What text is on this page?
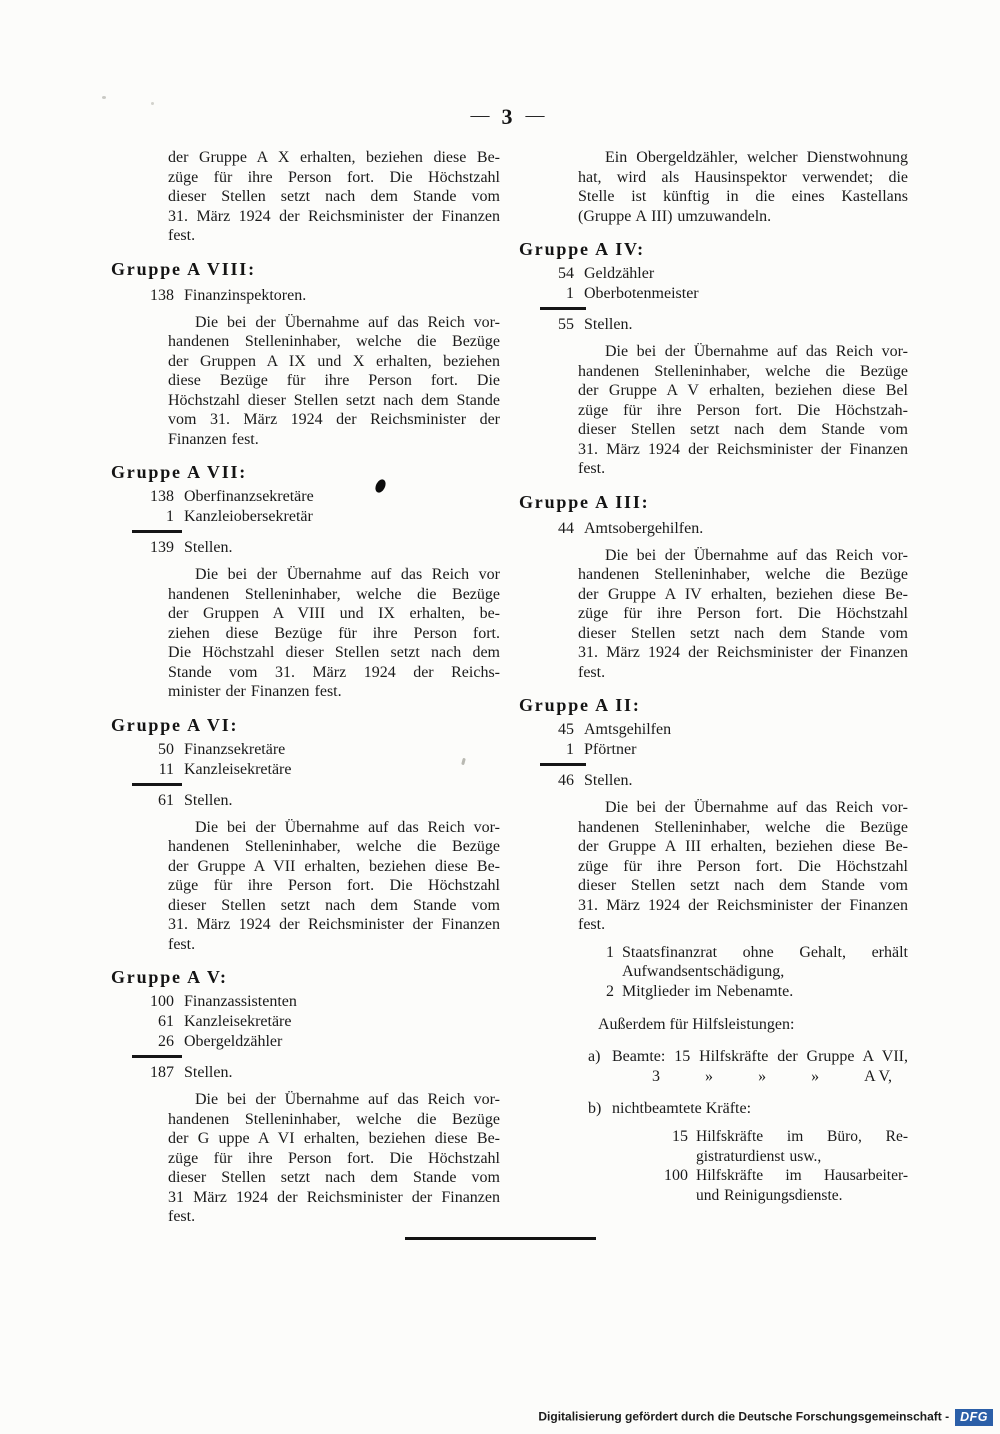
— 3 —
der Gruppe A X erhalten, beziehen diese Be-
züge für ihre Person fort. Die Höchstzahl
dieser Stellen setzt nach dem Stande vom
31. März 1924 der Reichsminister der Finanzen
fest.
Gruppe A VIII:
138 Finanzinspektoren.
Die bei der Übernahme auf das Reich vor-
handenen Stelleninhaber, welche die Bezüge
der Gruppen A IX und X erhalten, beziehen
diese Bezüge für ihre Person fort. Die
Höchstzahl dieser Stellen setzt nach dem Stande
vom 31. März 1924 der Reichsminister der
Finanzen fest.
Gruppe A VII:
138 Oberfinanzsekretäre
1 Kanzleiobersekretär
139 Stellen.
Die bei der Übernahme auf das Reich vor
handenen Stelleninhaber, welche die Bezüge
der Gruppen A VIII und IX erhalten, be-
ziehen diese Bezüge für ihre Person fort.
Die Höchstzahl dieser Stellen setzt nach dem
Stande vom 31. März 1924 der Reichs-
minister der Finanzen fest.
Gruppe A VI:
50 Finanzsekretäre
11 Kanzleisekretäre
61 Stellen.
Die bei der Übernahme auf das Reich vor-
handenen Stelleninhaber, welche die Bezüge
der Gruppe A VII erhalten, beziehen diese Be-
züge für ihre Person fort. Die Höchstzahl
dieser Stellen setzt nach dem Stande vom
31. März 1924 der Reichsminister der Finanzen
fest.
Gruppe A V:
100 Finanzassistenten
61 Kanzleisekretäre
26 Obergeldzähler
187 Stellen.
Die bei der Übernahme auf das Reich vor-
handenen Stelleninhaber, welche die Bezüge
der G uppe A VI erhalten, beziehen diese Be-
züge für ihre Person fort. Die Höchstzahl
dieser Stellen setzt nach dem Stande vom
31 März 1924 der Reichsminister der Finanzen
fest.
Ein Obergeldzähler, welcher Dienstwohnung
hat, wird als Hausinspektor verwendet; die
Stelle ist künftig in die eines Kastellans
(Gruppe A III) umzuwandeln.
Gruppe A IV:
54 Geldzähler
1 Oberbotenmeister
55 Stellen.
Die bei der Übernahme auf das Reich vor-
handenen Stelleninhaber, welche die Bezüge
der Gruppe A V erhalten, beziehen diese Bel
züge für ihre Person fort. Die Höchstzah-
dieser Stellen setzt nach dem Stande vom
31. März 1924 der Reichsminister der Finanzen
fest.
Gruppe A III:
44 Amtsobergehilfen.
Die bei der Übernahme auf das Reich vor-
handenen Stelleninhaber, welche die Bezüge
der Gruppe A IV erhalten, beziehen diese Be-
züge für ihre Person fort. Die Höchstzahl
dieser Stellen setzt nach dem Stande vom
31. März 1924 der Reichsminister der Finanzen
fest.
Gruppe A II:
45 Amtsgehilfen
1 Pförtner
46 Stellen.
Die bei der Übernahme auf das Reich vor-
handenen Stelleninhaber, welche die Bezüge
der Gruppe A III erhalten, beziehen diese Be-
züge für ihre Person fort. Die Höchstzahl
dieser Stellen setzt nach dem Stande vom
31. März 1924 der Reichsminister der Finanzen
fest.
1 Staatsfinanzrat ohne Gehalt, erhält
Aufwandsentschädigung,
2 Mitglieder im Nebenamte.
Außerdem für Hilfsleistungen:
a) Beamte: 15 Hilfskräfte der Gruppe A VII,
3	»	»	»	A V,
b) nichtbeamtete Kräfte:
15 Hilfskräfte im Büro, Re-
gistraturdienst usw.,
100 Hilfskräfte im Hausarbeiter-
und Reinigungsdienste.
Digitalisierung gefördert durch die Deutsche Forschungsgemeinschaft - DFG
